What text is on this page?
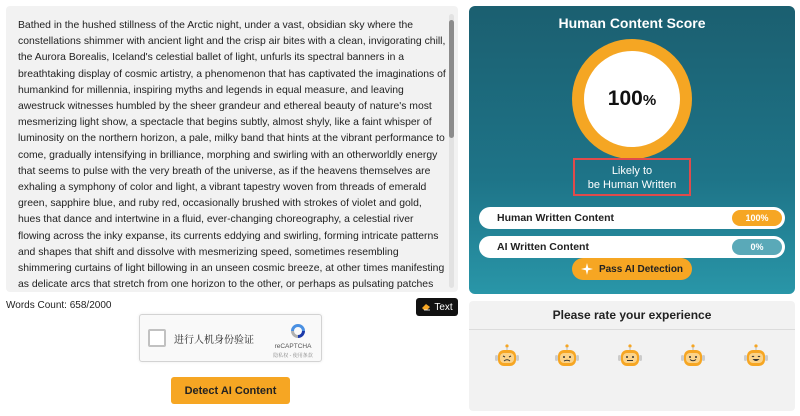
Bathed in the hushed stillness of the Arctic night, under a vast, obsidian sky where the constellations shimmer with ancient light and the crisp air bites with a clean, invigorating chill, the Aurora Borealis, Iceland's celestial ballet of light, unfurls its spectral banners in a breathtaking display of cosmic artistry, a phenomenon that has captivated the imaginations of humankind for millennia, inspiring myths and legends in equal measure, and leaving awestruck witnesses humbled by the sheer grandeur and ethereal beauty of nature's most mesmerizing light show, a spectacle that begins subtly, almost shyly, like a faint whisper of luminosity on the northern horizon, a pale, milky band that hints at the vibrant performance to come, gradually intensifying in brilliance, morphing and swirling with an otherworldly energy that seems to pulse with the very breath of the universe, as if the heavens themselves are exhaling a symphony of color and light, a vibrant tapestry woven from threads of emerald green, sapphire blue, and ruby red, occasionally brushed with strokes of violet and gold, hues that dance and intertwine in a fluid, ever-changing choreography, a celestial river flowing across the inky expanse, its currents eddying and swirling, forming intricate patterns and shapes that shift and dissolve with mesmerizing speed, sometimes resembling shimmering curtains of light billowing in an unseen cosmic breeze, at other times manifesting as delicate arcs that stretch from one horizon to the other, or perhaps as pulsating patches
Words Count: 658/2000	Text
进行人机身份验证
reCAPTCHA
隐私权 - 使用条款
Detect AI Content
Human Content Score
100%
Likely to
be Human Written
Human Written Content	100%
AI Written Content	0%
Pass AI Detection
Please rate your experience
